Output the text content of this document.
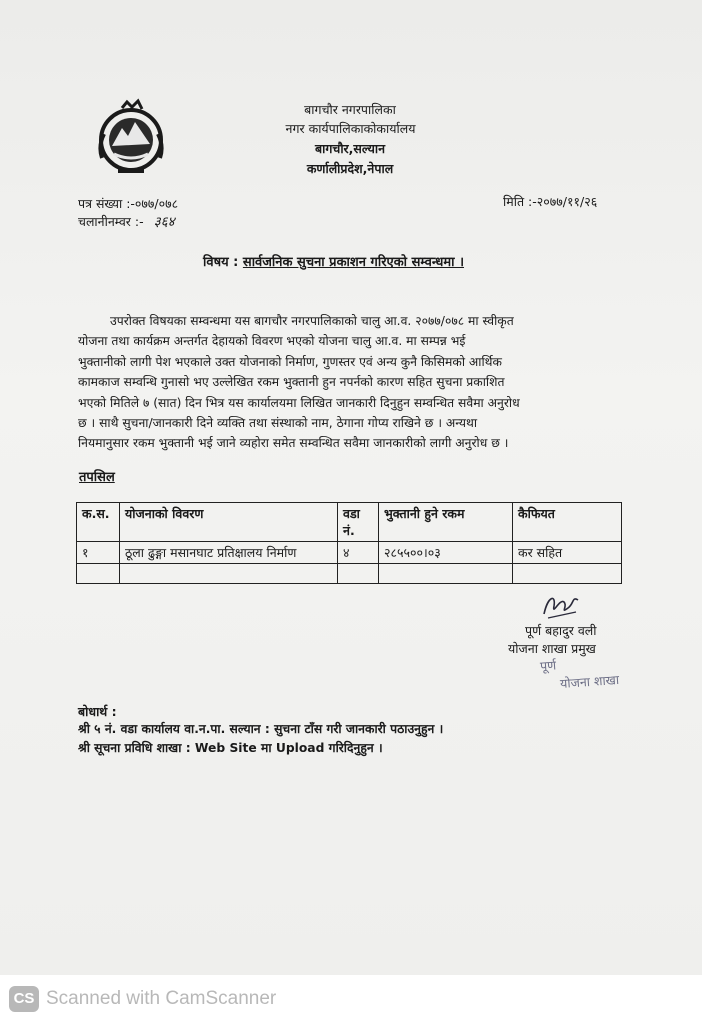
बागचौर नगरपालिका
नगर कार्यपालिकाकोकार्यालय
बागचौर,सल्यान
कर्णालीप्रदेश,नेपाल
पत्र संख्या :-०७७/०७८
चलानीनम्वर :- ३६४
मिति :-२०७७/११/२६
विषय : सार्वजनिक सुचना प्रकाशन गरिएको सम्वन्धमा ।
उपरोक्त विषयका सम्वन्धमा यस बागचौर नगरपालिकाको चालु आ.व. २०७७/०७८ मा स्वीकृत
योजना तथा कार्यक्रम अन्तर्गत देहायको विवरण भएको योजना चालु आ.व. मा सम्पन्न भई
भुक्तानीको लागी पेश भएकाले उक्त योजनाको निर्माण, गुणस्तर एवं अन्य कुनै किसिमको आर्थिक
कामकाज सम्वन्धि गुनासो भए उल्लेखित रकम भुक्तानी हुन नपर्नको कारण सहित सुचना प्रकाशित
भएको मितिले ७ (सात) दिन भित्र यस कार्यालयमा लिखित जानकारी दिनुहुन सम्वन्धित सवैमा अनुरोध
छ । साथै सुचना/जानकारी दिने व्यक्ति तथा संस्थाको नाम, ठेगाना गोप्य राखिने छ । अन्यथा
नियमानुसार रकम भुक्तानी भई जाने व्यहोरा समेत सम्वन्धित सवैमा जानकारीको लागी अनुरोध छ ।
तपसिल
क.स.	योजनाको विवरण	वडा नं.	भुक्तानी हुने रकम	कैफियत
१	ठूला ढुङ्गा मसानघाट प्रतिक्षालय निर्माण	४	२८५५००।०३	कर सहित

पूर्ण बहादुर वली
योजना शाखा प्रमुख
पूर्ण
योजना शाखा
बोधार्थ :
श्री ५ नं. वडा कार्यालय वा.न.पा. सल्यान : सुचना टाँस गरी जानकारी पठाउनुहुन ।
श्री सूचना प्रविधि शाखा : Web Site मा Upload गरिदिनुहुन ।
CS Scanned with CamScanner
